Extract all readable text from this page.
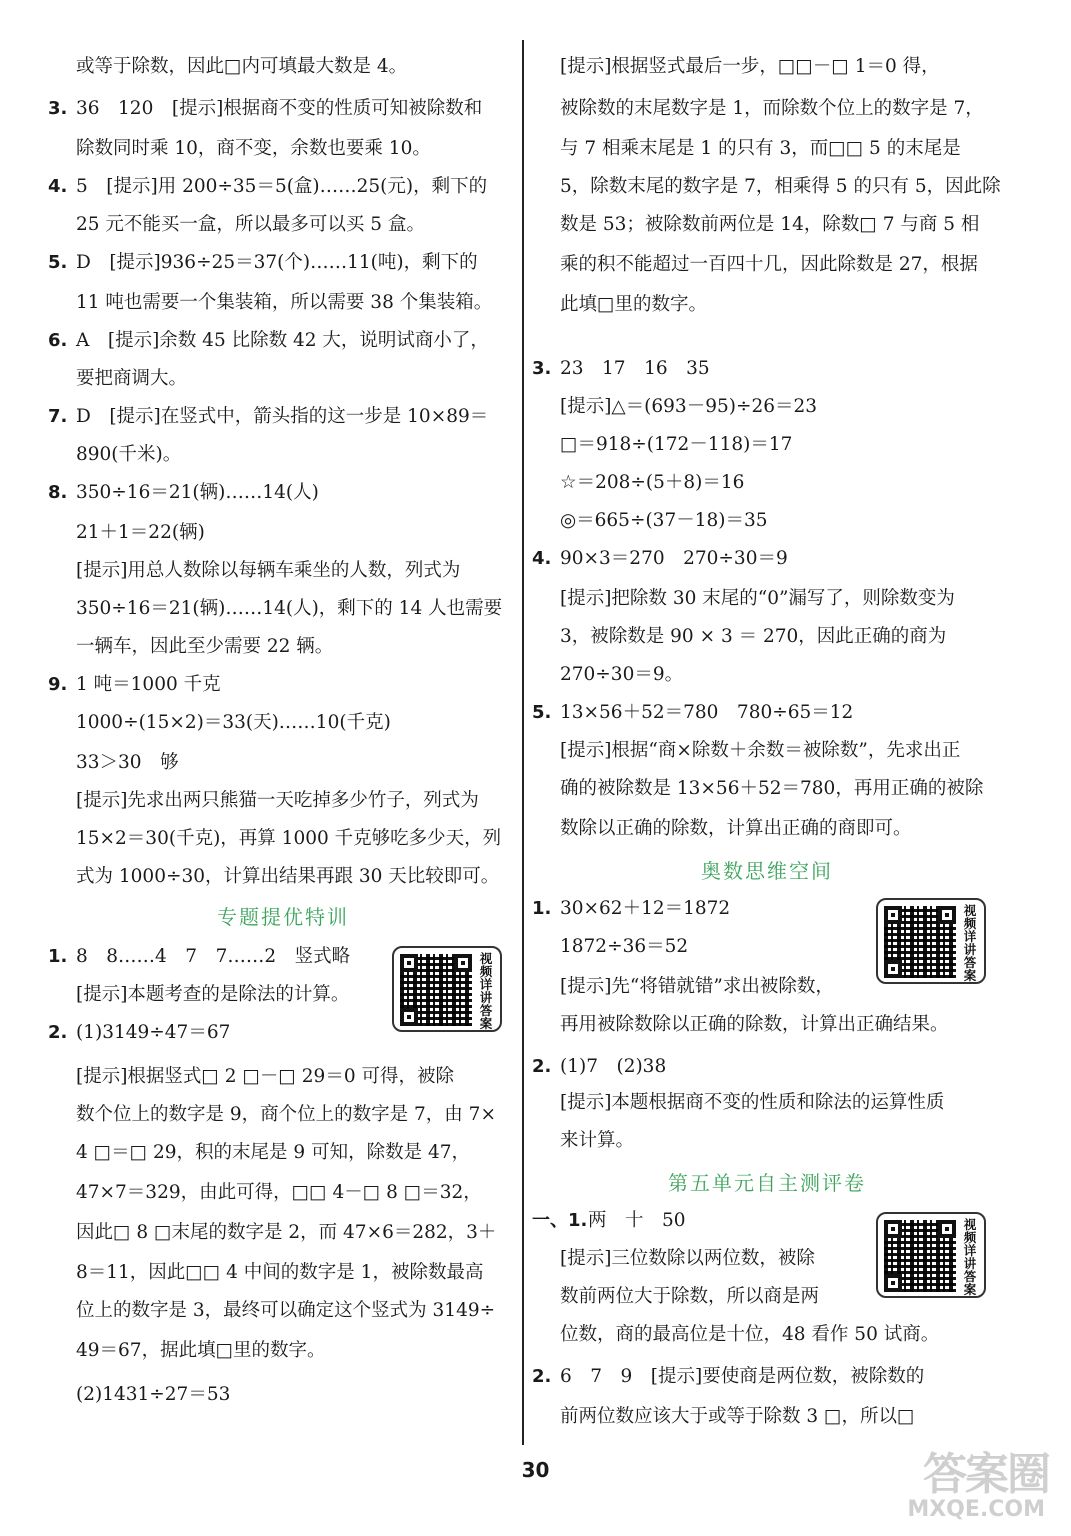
或等于除数，因此□内可填最大数是 4。
3. 36　120　[提示]根据商不变的性质可知被除数和
除数同时乘 10，商不变，余数也要乘 10。
4. 5　[提示]用 200÷35＝5(盒)……25(元)，剩下的
25 元不能买一盒，所以最多可以买 5 盒。
5. D　[提示]936÷25＝37(个)……11(吨)，剩下的
11 吨也需要一个集装箱，所以需要 38 个集装箱。
6. A　[提示]余数 45 比除数 42 大，说明试商小了，
要把商调大。
7. D　[提示]在竖式中，箭头指的这一步是 10×89＝
890(千米)。
8. 350÷16＝21(辆)……14(人)
21＋1＝22(辆)
[提示]用总人数除以每辆车乘坐的人数，列式为
350÷16＝21(辆)……14(人)，剩下的 14 人也需要
一辆车，因此至少需要 22 辆。
9. 1 吨＝1000 千克
1000÷(15×2)＝33(天)……10(千克)
33＞30　够
[提示]先求出两只熊猫一天吃掉多少竹子，列式为
15×2＝30(千克)，再算 1000 千克够吃多少天，列
式为 1000÷30，计算出结果再跟 30 天比较即可。
1. 8　8……4　7　7……2　竖式略
[提示]本题考查的是除法的计算。
2. (1)3149÷47＝67
[提示]根据竖式□ 2 □－□ 29＝0 可得，被除
数个位上的数字是 9，商个位上的数字是 7，由 7×
4 □＝□ 29，积的末尾是 9 可知，除数是 47，
47×7＝329，由此可得，□□ 4－□ 8 □＝32，
因此□ 8 □末尾的数字是 2，而 47×6＝282，3＋
8＝11，因此□□ 4 中间的数字是 1，被除数最高
位上的数字是 3，最终可以确定这个竖式为 3149÷
49＝67，据此填□里的数字。
(2)1431÷27＝53
专题提优特训
[提示]根据竖式最后一步，□□－□ 1＝0 得，
被除数的末尾数字是 1，而除数个位上的数字是 7，
与 7 相乘末尾是 1 的只有 3，而□□ 5 的末尾是
5，除数末尾的数字是 7，相乘得 5 的只有 5，因此除
数是 53；被除数前两位是 14，除数□ 7 与商 5 相
乘的积不能超过一百四十几，因此除数是 27，根据
此填□里的数字。
3. 23　17　16　35
[提示]△＝(693－95)÷26＝23
□＝918÷(172－118)＝17
☆＝208÷(5＋8)＝16
◎＝665÷(37－18)＝35
4. 90×3＝270　270÷30＝9
[提示]把除数 30 末尾的“0”漏写了，则除数变为
3，被除数是 90 × 3 ＝ 270，因此正确的商为
270÷30＝9。
5. 13×56＋52＝780　780÷65＝12
[提示]根据“商×除数＋余数＝被除数”，先求出正
确的被除数是 13×56＋52＝780，再用正确的被除
数除以正确的除数，计算出正确的商即可。
1. 30×62＋12＝1872
1872÷36＝52
[提示]先“将错就错”求出被除数，
再用被除数除以正确的除数，计算出正确结果。
2. (1)7　(2)38
[提示]本题根据商不变的性质和除法的运算性质
来计算。
一、1. 两　十　50
[提示]三位数除以两位数，被除
数前两位大于除数，所以商是两
位数，商的最高位是十位，48 看作 50 试商。
2. 6　7　9　[提示]要使商是两位数，被除数的
前两位数应该大于或等于除数 3 □，所以□
奥数思维空间
第五单元自主测评卷
视频详讲答案
视频详讲答案
视频详讲答案
30	答案圈
MXQE.COM
